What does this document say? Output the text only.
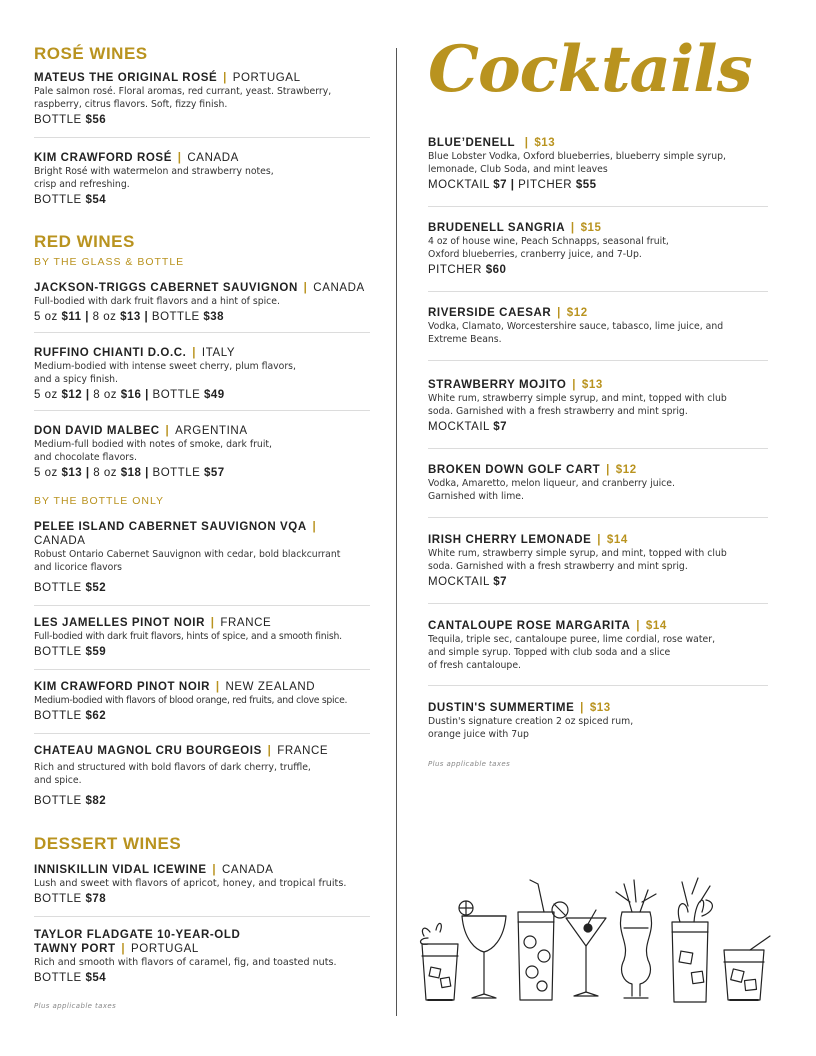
ROSÉ WINES
MATEUS THE ORIGINAL ROSÉ | PORTUGAL
Pale salmon rosé. Floral aromas, red currant, yeast. Strawberry,
raspberry, citrus flavors. Soft, fizzy finish.
BOTTLE $56
KIM CRAWFORD ROSÉ | CANADA
Bright Rosé with watermelon and strawberry notes,
crisp and refreshing.
BOTTLE $54
RED WINES
BY THE GLASS & BOTTLE
JACKSON-TRIGGS CABERNET SAUVIGNON | CANADA
Full-bodied with dark fruit flavors and a hint of spice.
5 oz $11 | 8 oz $13 | BOTTLE $38
RUFFINO CHIANTI D.O.C. | ITALY
Medium-bodied with intense sweet cherry, plum flavors,
and a spicy finish.
5 oz $12 | 8 oz $16 | BOTTLE $49
DON DAVID MALBEC | ARGENTINA
Medium-full bodied with notes of smoke, dark fruit,
and chocolate flavors.
5 oz $13 | 8 oz $18 | BOTTLE $57
BY THE BOTTLE ONLY
PELEE ISLAND CABERNET SAUVIGNON VQA | CANADA
Robust Ontario Cabernet Sauvignon with cedar, bold blackcurrant
and licorice flavors
BOTTLE $52
LES JAMELLES PINOT NOIR | FRANCE
Full-bodied with dark fruit flavors, hints of spice, and a smooth finish.
BOTTLE $59
KIM CRAWFORD PINOT NOIR | NEW ZEALAND
Medium-bodied with flavors of blood orange, red fruits, and clove spice.
BOTTLE $62
CHATEAU MAGNOL CRU BOURGEOIS | FRANCE
Rich and structured with bold flavors of dark cherry, truffle,
and spice.
BOTTLE $82
DESSERT WINES
INNISKILLIN VIDAL ICEWINE | CANADA
Lush and sweet with flavors of apricot, honey, and tropical fruits.
BOTTLE $78
TAYLOR FLADGATE 10-YEAR-OLD
TAWNY PORT | PORTUGAL
Rich and smooth with flavors of caramel, fig, and toasted nuts.
BOTTLE $54
Plus applicable taxes
Cocktails
BLUE’DENELL  | $13
Blue Lobster Vodka, Oxford blueberries, blueberry simple syrup,
lemonade, Club Soda, and mint leaves
MOCKTAIL $7 | PITCHER $55
BRUDENELL SANGRIA | $15
4 oz of house wine, Peach Schnapps, seasonal fruit,
Oxford blueberries, cranberry juice, and 7-Up.
PITCHER $60
RIVERSIDE CAESAR | $12
Vodka, Clamato, Worcestershire sauce, tabasco, lime juice, and
Extreme Beans.
STRAWBERRY MOJITO | $13
White rum, strawberry simple syrup, and mint, topped with club
soda. Garnished with a fresh strawberry and mint sprig.
MOCKTAIL $7
BROKEN DOWN GOLF CART | $12
Vodka, Amaretto, melon liqueur, and cranberry juice.
Garnished with lime.
IRISH CHERRY LEMONADE | $14
White rum, strawberry simple syrup, and mint, topped with club
soda. Garnished with a fresh strawberry and mint sprig.
MOCKTAIL $7
CANTALOUPE ROSE MARGARITA | $14
Tequila, triple sec, cantaloupe puree, lime cordial, rose water,
and simple syrup. Topped with club soda and a slice
of fresh cantaloupe.
DUSTIN'S SUMMERTIME | $13
Dustin's signature creation 2 oz spiced rum,
orange juice with 7up
Plus applicable taxes
